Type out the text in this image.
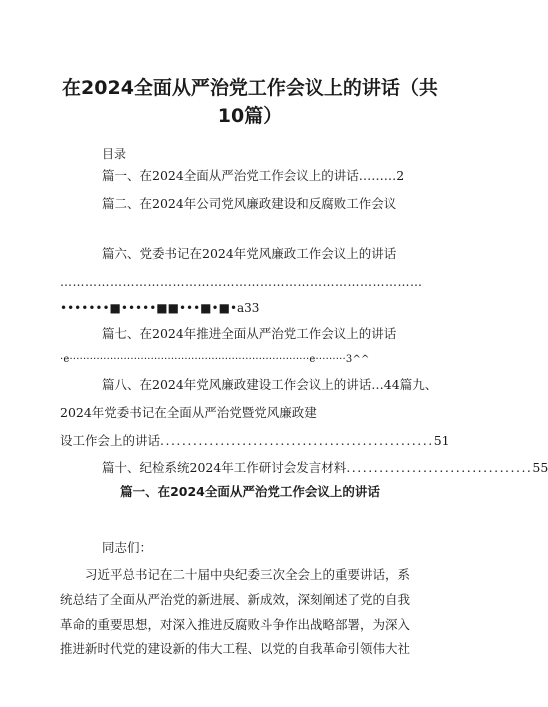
在2024全面从严治党工作会议上的讲话（共
10篇）
目录
篇一、在2024全面从严治党工作会议上的讲话………2
篇二、在2024年公司党风廉政建设和反腐败工作会议
篇六、党委书记在2024年党风廉政工作会议上的讲话
……………………………………………………………………………
•••••••■•••••■■•••■•■•a33
篇七、在2024年推进全面从严治党工作会议上的讲话
·e·······································································e·········3^^
篇八、在2024年党风廉政建设工作会议上的讲话…44篇九、
2024年党委书记在全面从严治党暨党风廉政建
设工作会上的讲话 .................................................. 51
篇十、纪检系统2024年工作研讨会发言材料 .................................. 55
篇一、在2024全面从严治党工作会议上的讲话
同志们：
习近平总书记在二十届中央纪委三次全会上的重要讲话，系
统总结了全面从严治党的新进展、新成效，深刻阐述了党的自我
革命的重要思想，对深入推进反腐败斗争作出战略部署，为深入
推进新时代党的建设新的伟大工程、以党的自我革命引领伟大社
